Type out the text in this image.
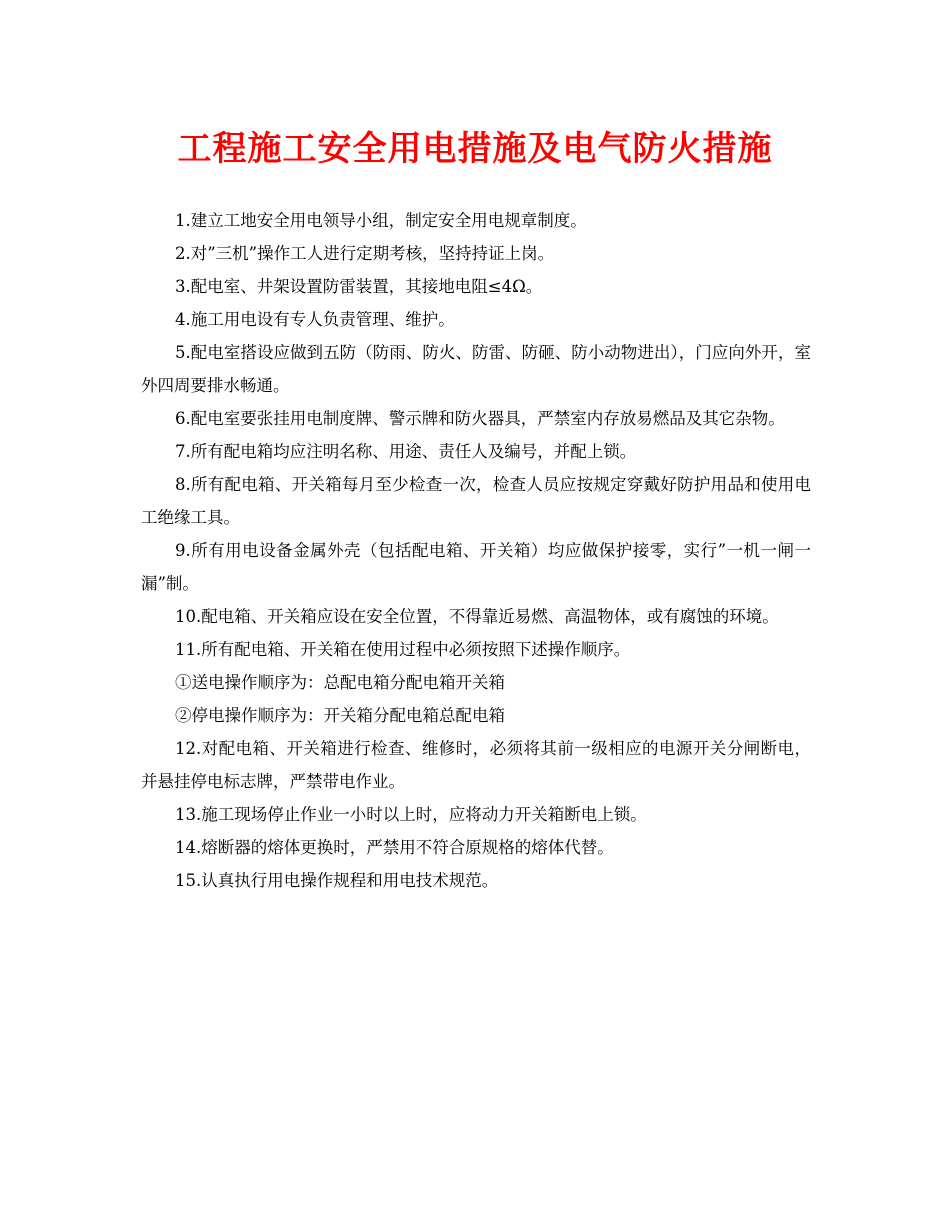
工程施工安全用电措施及电气防火措施

1.建立工地安全用电领导小组，制定安全用电规章制度。

2.对”三机”操作工人进行定期考核，坚持持证上岗。

3.配电室、井架设置防雷装置，其接地电阻≤4Ω。

4.施工用电设有专人负责管理、维护。

5.配电室搭设应做到五防（防雨、防火、防雷、防砸、防小动物进出），门应向外开，室外四周要排水畅通。

6.配电室要张挂用电制度牌、警示牌和防火器具，严禁室内存放易燃品及其它杂物。

7.所有配电箱均应注明名称、用途、责任人及编号，并配上锁。

8.所有配电箱、开关箱每月至少检查一次，检查人员应按规定穿戴好防护用品和使用电工绝缘工具。

9.所有用电设备金属外壳（包括配电箱、开关箱）均应做保护接零，实行”一机一闸一漏”制。

10.配电箱、开关箱应设在安全位置，不得靠近易燃、高温物体，或有腐蚀的环境。

11.所有配电箱、开关箱在使用过程中必须按照下述操作顺序。

①送电操作顺序为：总配电箱分配电箱开关箱

②停电操作顺序为：开关箱分配电箱总配电箱

12.对配电箱、开关箱进行检查、维修时，必须将其前一级相应的电源开关分闸断电，并悬挂停电标志牌，严禁带电作业。

13.施工现场停止作业一小时以上时，应将动力开关箱断电上锁。

14.熔断器的熔体更换时，严禁用不符合原规格的熔体代替。

15.认真执行用电操作规程和用电技术规范。
